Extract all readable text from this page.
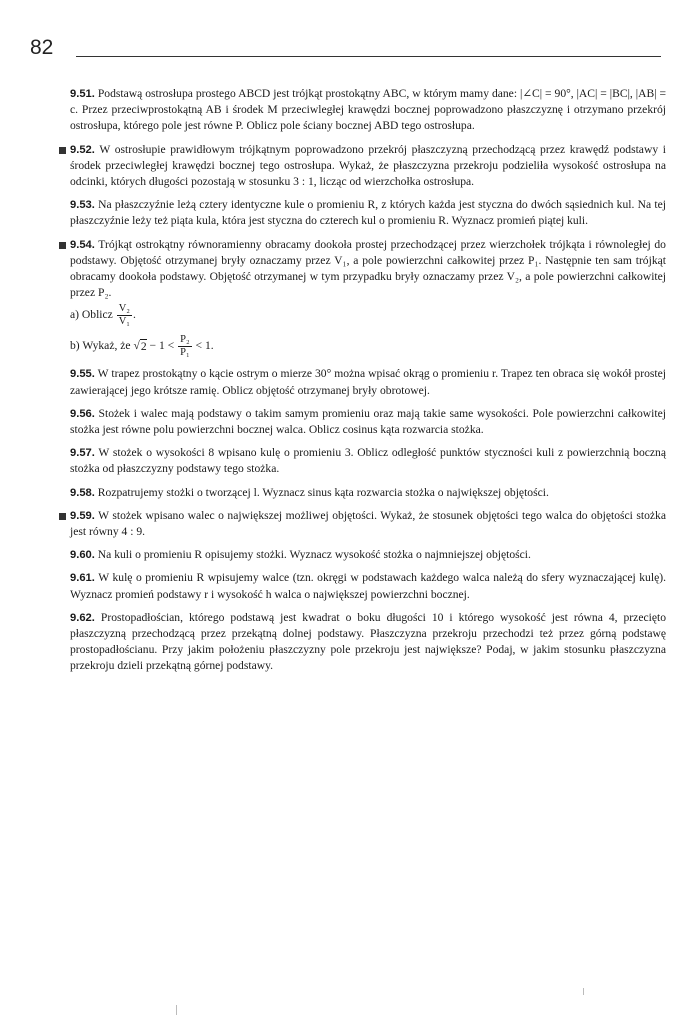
82
9.51. Podstawą ostrosłupa prostego ABCD jest trójkąt prostokątny ABC, w którym mamy dane: |∠C| = 90°, |AC| = |BC|, |AB| = c. Przez przeciwprostokątną AB i środek M przeciwległej krawędzi bocznej poprowadzono płaszczyznę i otrzymano przekrój ostrosłupa, którego pole jest równe P. Oblicz pole ściany bocznej ABD tego ostrosłupa.
9.52. W ostrosłupie prawidłowym trójkątnym poprowadzono przekrój płaszczyzną przechodzącą przez krawędź podstawy i środek przeciwległej krawędzi bocznej tego ostrosłupa. Wykaż, że płaszczyzna przekroju podzieliła wysokość ostrosłupa na odcinki, których długości pozostają w stosunku 3 : 1, licząc od wierzchołka ostrosłupa.
9.53. Na płaszczyźnie leżą cztery identyczne kule o promieniu R, z których każda jest styczna do dwóch sąsiednich kul. Na tej płaszczyźnie leży też piąta kula, która jest styczna do czterech kul o promieniu R. Wyznacz promień piątej kuli.
9.54. Trójkąt ostrokątny równoramienny obracamy dookoła prostej przechodzącej przez wierzchołek trójkąta i równoległej do podstawy. Objętość otrzymanej bryły oznaczamy przez V₁, a pole powierzchni całkowitej przez P₁. Następnie ten sam trójkąt obracamy dookoła podstawy. Objętość otrzymanej w tym przypadku bryły oznaczamy przez V₂, a pole powierzchni całkowitej przez P₂.
a) Oblicz $\frac{\text{V₂}}{\text{V₁}}$ .
b) Wykaż, że $√2 - 1 < \frac{\text{P₂}}{\text{P₁}} < 1$.
9.55. W trapez prostokątny o kącie ostrym o mierze 30° można wpisać okrąg o promieniu r. Trapez ten obraca się wokół prostej zawierającej jego krótsze ramię. Oblicz objętość otrzymanej bryły obrotowej.
9.56. Stożek i walec mają podstawy o takim samym promieniu oraz mają takie same wysokości. Pole powierzchni całkowitej stożka jest równe polu powierzchni bocznej walca. Oblicz cosinus kąta rozwarcia stożka.
9.57. W stożek o wysokości 8 wpisano kulę o promieniu 3. Oblicz odległość punktów styczności kuli z powierzchnią boczną stożka od płaszczyzny podstawy tego stożka.
9.58. Rozpatrujemy stożki o tworzącej l. Wyznacz sinus kąta rozwarcia stożka o największej objętości.
9.59. W stożek wpisano walec o największej możliwej objętości. Wykaż, że stosunek objętości tego walca do objętości stożka jest równy 4 : 9.
9.60. Na kuli o promieniu R opisujemy stożki. Wyznacz wysokość stożka o najmniejszej objętości.
9.61. W kulę o promieniu R wpisujemy walce (tzn. okręgi w podstawach każdego walca należą do sfery wyznaczającej kulę). Wyznacz promień podstawy r i wysokość h walca o największej powierzchni bocznej.
9.62. Prostopadłościan, którego podstawą jest kwadrat o boku długości 10 i którego wysokość jest równa 4, przecięto płaszczyzną przechodzącą przez przekątną dolnej podstawy. Płaszczyzna przekroju przechodzi też przez górną podstawę prostopadłościanu. Przy jakim położeniu płaszczyzny pole przekroju jest największe? Podaj, w jakim stosunku płaszczyzna przekroju dzieli przekątną górnej podstawy.
